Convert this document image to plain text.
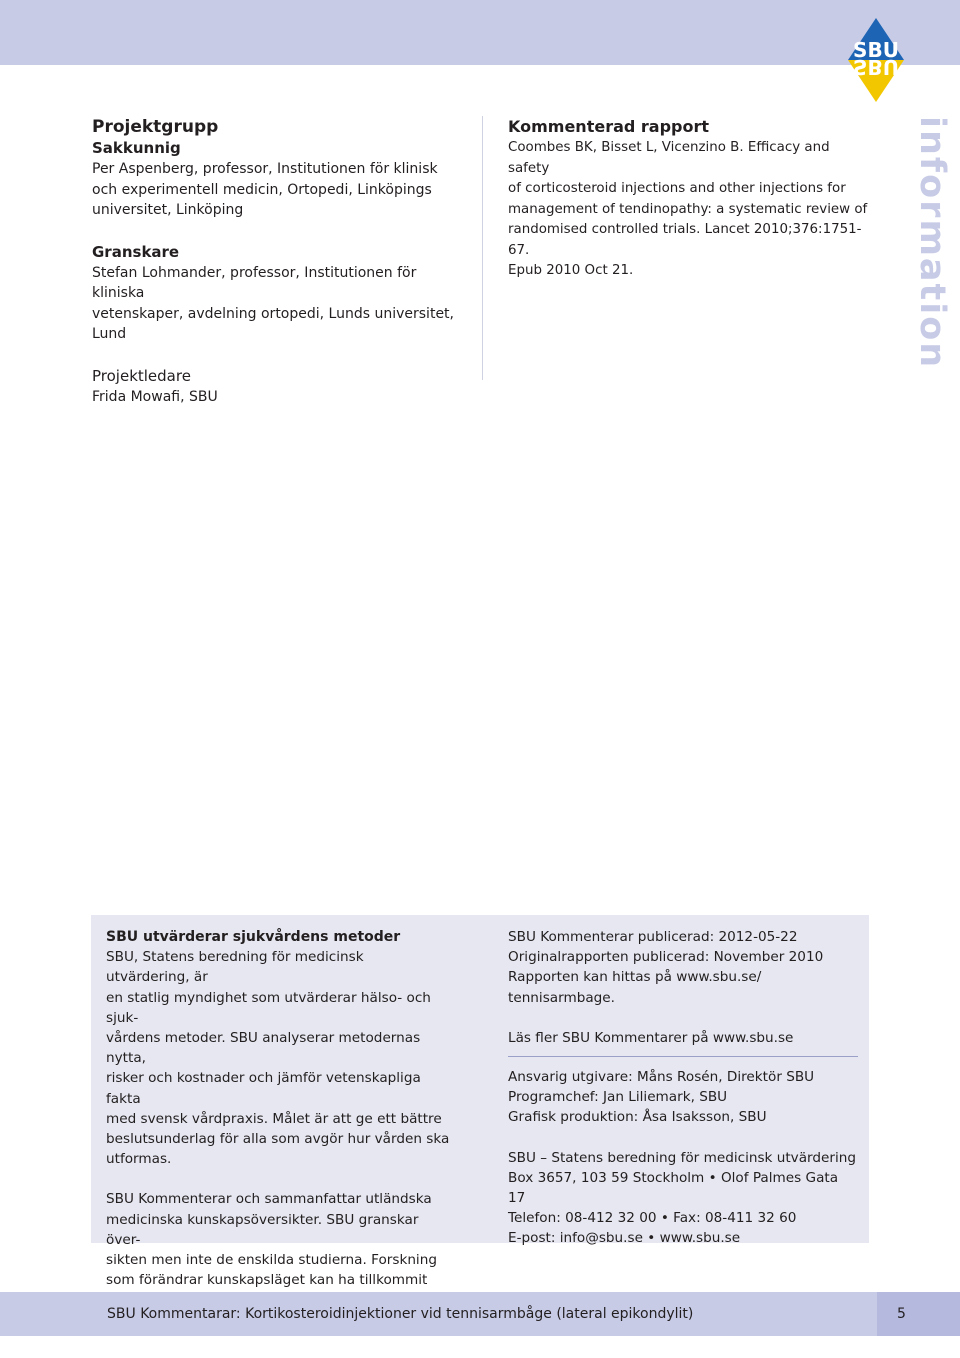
SBU
SBU
information
Projektgrupp
Sakkunnig

Per Aspenberg, professor, Institutionen för klinisk

och experimentell medicin, Ortopedi, Linköpings

universitet, Linköping

Granskare

Stefan Lohmander, professor, Institutionen för kliniska

vetenskaper, avdelning ortopedi, Lunds universitet,

Lund

Projektledare

Frida Mowafi, SBU

Kommenterad rapport

Coombes BK, Bisset L, Vicenzino B. Efficacy and safety

of corticosteroid injections and other injections for

management of tendinopathy: a systematic review of

randomised controlled trials. Lancet 2010;376:1751-67.

Epub 2010 Oct 21.

SBU utvärderar sjukvårdens metoder

SBU, Statens beredning för medicinsk utvärdering, är

en statlig myndighet som utvärderar hälso- och sjuk-

vårdens metoder. SBU analyserar metodernas nytta,

risker och kostnader och jämför vetenskapliga fakta

med svensk vårdpraxis. Målet är att ge ett bättre

beslutsunderlag för alla som avgör hur vården ska

utformas.

SBU Kommenterar och sammanfattar utländska

medicinska kunskapsöversikter. SBU granskar över-

sikten men inte de enskilda studierna. Forskning

som förändrar kunskapsläget kan ha tillkommit

SBU Kommenterar publicerad: 2012-05-22

Originalrapporten publicerad: November 2010

Rapporten kan hittas på www.sbu.se/

tennisarmbage.

Läs fler SBU Kommentarer på www.sbu.se

Ansvarig utgivare: Måns Rosén, Direktör SBU

Programchef: Jan Liliemark, SBU

Grafisk produktion: Åsa Isaksson, SBU

SBU – Statens beredning för medicinsk utvärdering

Box 3657, 103 59 Stockholm • Olof Palmes Gata 17

Telefon: 08-412 32 00 • Fax: 08-411 32 60

E-post: info@sbu.se • www.sbu.se

SBU Kommentarar: Kortikosteroidinjektioner vid tennisarmbåge (lateral epikondylit)	5
